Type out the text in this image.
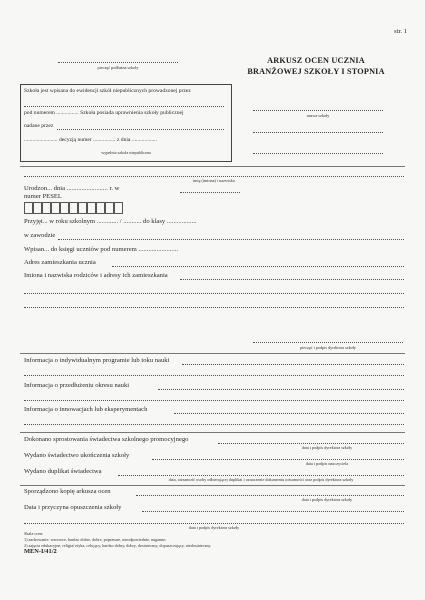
str. 1
pieczęć podłużna szkoły
ARKUSZ OCEN UCZNIA
BRANŻOWEJ SZKOŁY I STOPNIA
nazwa szkoły
Szkoła jest wpisana do ewidencji szkół niepublicznych prowadzonej przez
pod numerem ................ Szkoła posiada uprawnienia szkoły publicznej
nadane przez
........................ decyzją numer ................ z dnia ..................
wypełnia szkoła niepubliczna
imię (imiona) i nazwisko
Urodzon... dnia ......................... r. w
numer PESEL
Przyjęt... w roku szkolnym ............. / ........... do klasy ..................
w zawodzie
Wpisan... do księgi uczniów pod numerem ........................
Adres zamieszkania ucznia
Imiona i nazwiska rodziców i adresy ich zamieszkania
pieczęć i podpis dyrektora szkoły
Informacja o indywidualnym programie lub toku nauki
Informacja o przedłużeniu okresu nauki
Informacja o innowacjach lub eksperymentach
Dokonano sprostowania świadectwa szkolnego promocyjnego
data i podpis dyrektora szkoły
Wydano świadectwo ukończenia szkoły
data i podpis nauczyciela
Wydano duplikat świadectwa
data, tożsamość osoby odbierającej duplikat i oznaczenie dokumentu tożsamości oraz podpis dyrektora szkoły
Sporządzono kopię arkusza ocen
data i podpis dyrektora szkoły
Data i przyczyna opuszczenia szkoły
data i podpis dyrektora szkoły
Skala ocen:
1) zachowanie: wzorowe, bardzo dobre, dobre, poprawne, nieodpowiednie, naganne;
2) zajęcia edukacyjne, religia/ etyka, celujący, bardzo dobry, dobry, dostateczny, dopuszczający, niedostateczny.
MEN-I/41/2
